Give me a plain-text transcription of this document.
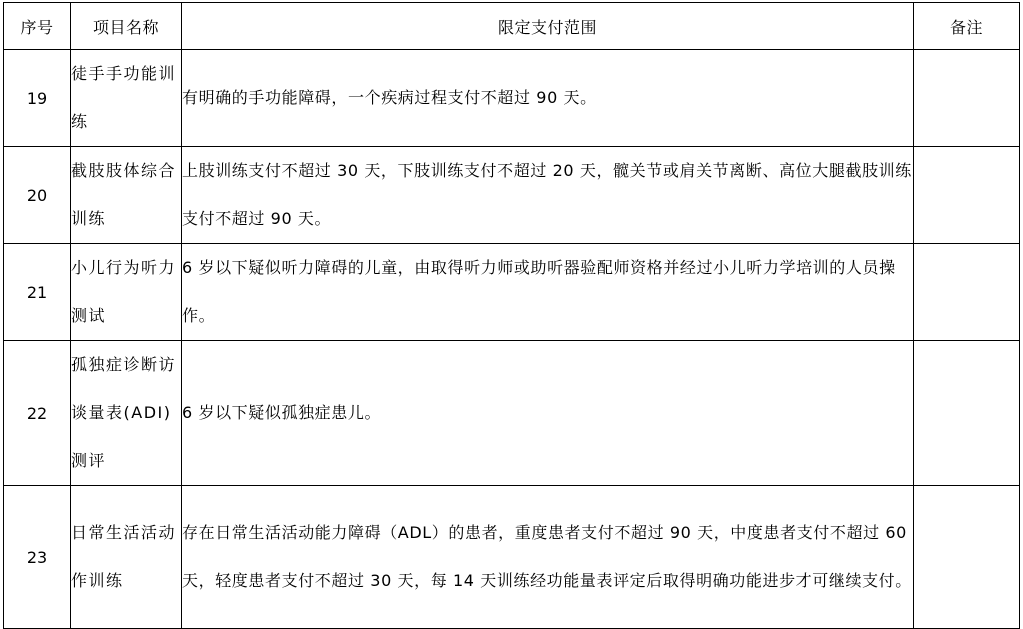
序号	项目名称	限定支付范围	备注
19	徒手手功能训练	有明确的手功能障碍，一个疾病过程支付不超过 90 天。	
20	截肢肢体综合训练	上肢训练支付不超过 30 天，下肢训练支付不超过 20 天，髋关节或肩关节离断、高位大腿截肢训练支付不超过 90 天。	
21	小儿行为听力测试	6 岁以下疑似听力障碍的儿童，由取得听力师或助听器验配师资格并经过小儿听力学培训的人员操作。	
22	孤独症诊断访谈量表(ADI)测评	6 岁以下疑似孤独症患儿。	
23	日常生活活动作训练	存在日常生活活动能力障碍（ADL）的患者，重度患者支付不超过 90 天，中度患者支付不超过 60 天，轻度患者支付不超过 30 天，每 14 天训练经功能量表评定后取得明确功能进步才可继续支付。	
